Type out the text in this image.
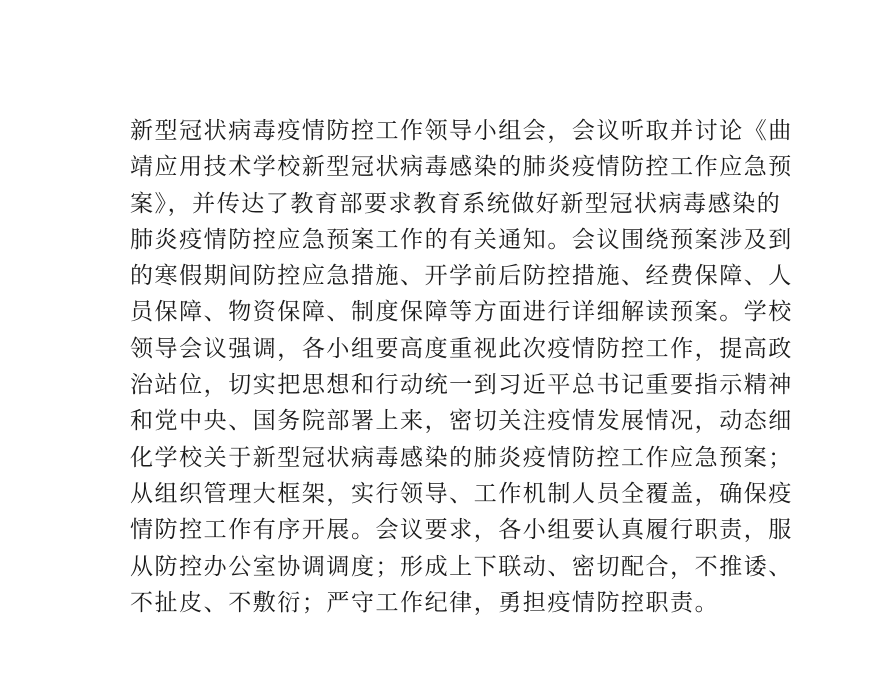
新型冠状病毒疫情防控工作领导小组会，会议听取并讨论《曲
靖应用技术学校新型冠状病毒感染的肺炎疫情防控工作应急预
案》，并传达了教育部要求教育系统做好新型冠状病毒感染的
肺炎疫情防控应急预案工作的有关通知。会议围绕预案涉及到
的寒假期间防控应急措施、开学前后防控措施、经费保障、人
员保障、物资保障、制度保障等方面进行详细解读预案。学校
领导会议强调，各小组要高度重视此次疫情防控工作，提高政
治站位，切实把思想和行动统一到习近平总书记重要指示精神
和党中央、国务院部署上来，密切关注疫情发展情况，动态细
化学校关于新型冠状病毒感染的肺炎疫情防控工作应急预案；
从组织管理大框架，实行领导、工作机制人员全覆盖，确保疫
情防控工作有序开展。会议要求，各小组要认真履行职责，服
从防控办公室协调调度；形成上下联动、密切配合，不推诿、
不扯皮、不敷衍；严守工作纪律，勇担疫情防控职责。
